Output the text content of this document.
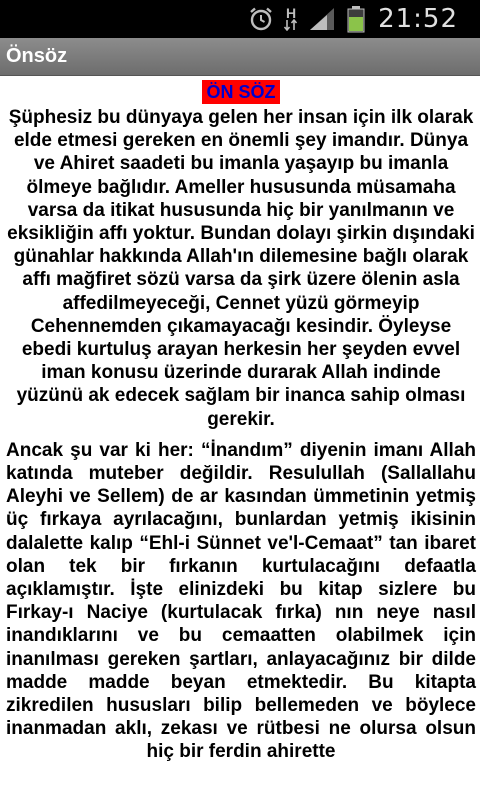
H	21:52
Önsöz
ÖN SÖZ

Şüphesiz bu dünyaya gelen her insan için ilk olarak elde etmesi gereken en önemli şey imandır. Dünya ve Ahiret saadeti bu imanla yaşayıp bu imanla ölmeye bağlıdır. Ameller hususunda müsamaha varsa da itikat hususunda hiç bir yanılmanın ve eksikliğin affı yoktur. Bundan dolayı şirkin dışındaki günahlar hakkında Allah'ın dilemesine bağlı olarak affı mağfiret sözü varsa da şirk üzere ölenin asla affedilmeyeceği, Cennet yüzü görmeyip Cehennemden çıkamayacağı kesindir. Öyleyse ebedi kurtuluş arayan herkesin her şeyden evvel iman konusu üzerinde durarak Allah indinde yüzünü ak edecek sağlam bir inanca sahip olması gerekir.

Ancak şu var ki her: “İnandım” diyenin imanı Allah katında muteber değildir. Resulullah (Sallallahu Aleyhi ve Sellem) de ar kasından ümmetinin yetmiş üç fırkaya ayrılacağını, bunlardan yetmiş ikisinin dalalette kalıp “Ehl-i Sünnet ve'l-Cemaat” tan ibaret olan tek bir fırkanın kurtulacağını defaatla açıklamıştır. İşte elinizdeki bu kitap sizlere bu Fırkay-ı Naciye (kurtulacak fırka) nın neye nasıl inandıklarını ve bu cemaatten olabilmek için inanılması gereken şartları, anlayacağınız bir dilde madde madde beyan etmektedir. Bu kitapta zikredilen hususları bilip bellemeden ve böylece inanmadan aklı, zekası ve rütbesi ne olursa olsun hiç bir ferdin ahirette
